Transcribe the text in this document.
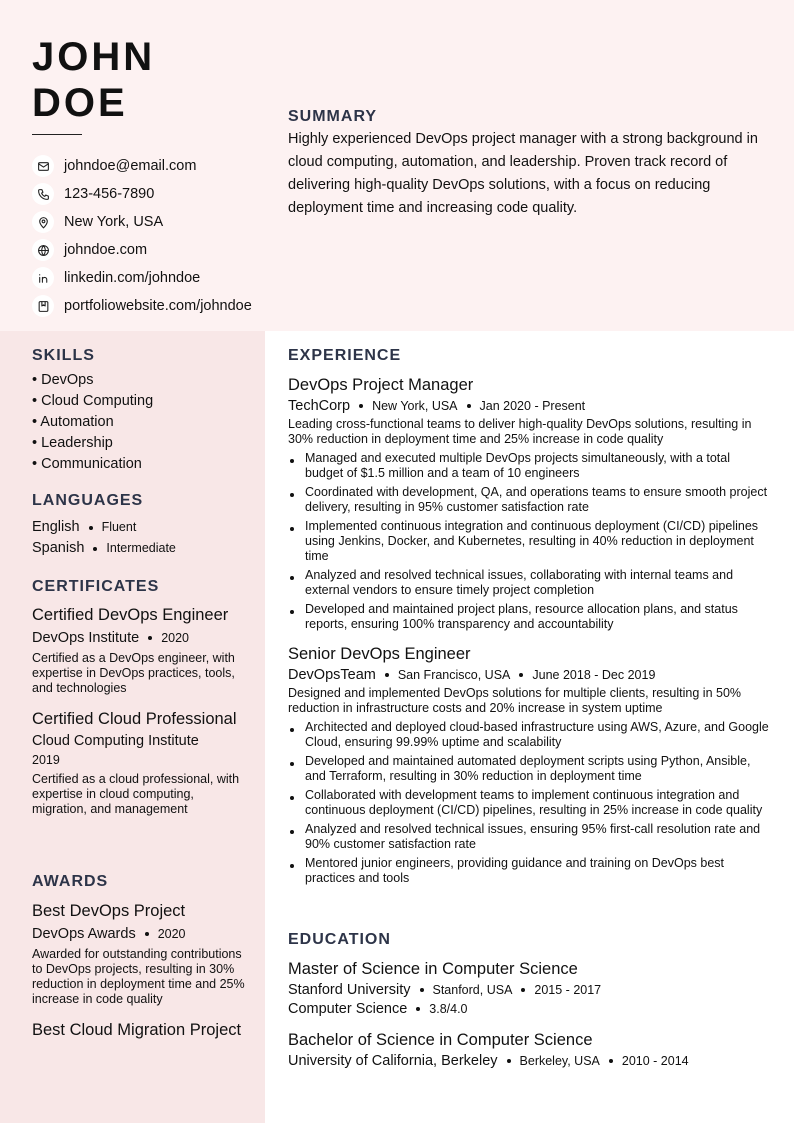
JOHN
DOE
johndoe@email.com
123-456-7890
New York, USA
johndoe.com
linkedin.com/johndoe
portfoliowebsite.com/johndoe
SUMMARY

Highly experienced DevOps project manager with a strong background in cloud computing, automation, and leadership. Proven track record of delivering high-quality DevOps solutions, with a focus on reducing deployment time and increasing code quality.

SKILLS
• DevOps
• Cloud Computing
• Automation
• Leadership
• Communication
LANGUAGES
English Fluent
Spanish Intermediate
CERTIFICATES
Certified DevOps Engineer
DevOps Institute 2020
Certified as a DevOps engineer, with expertise in DevOps practices, tools, and technologies
Certified Cloud Professional
Cloud Computing Institute
2019
Certified as a cloud professional, with expertise in cloud computing, migration, and management
AWARDS
Best DevOps Project
DevOps Awards 2020
Awarded for outstanding contributions to DevOps projects, resulting in 30% reduction in deployment time and 25% increase in code quality
Best Cloud Migration Project
EXPERIENCE
DevOps Project Manager
TechCorp New York, USA Jan 2020 - Present
Leading cross-functional teams to deliver high-quality DevOps solutions, resulting in 30% reduction in deployment time and 25% increase in code quality
Managed and executed multiple DevOps projects simultaneously, with a total budget of $1.5 million and a team of 10 engineers
Coordinated with development, QA, and operations teams to ensure smooth project delivery, resulting in 95% customer satisfaction rate
Implemented continuous integration and continuous deployment (CI/CD) pipelines using Jenkins, Docker, and Kubernetes, resulting in 40% reduction in deployment time
Analyzed and resolved technical issues, collaborating with internal teams and external vendors to ensure timely project completion
Developed and maintained project plans, resource allocation plans, and status reports, ensuring 100% transparency and accountability
Senior DevOps Engineer
DevOpsTeam San Francisco, USA June 2018 - Dec 2019
Designed and implemented DevOps solutions for multiple clients, resulting in 50% reduction in infrastructure costs and 20% increase in system uptime
Architected and deployed cloud-based infrastructure using AWS, Azure, and Google Cloud, ensuring 99.99% uptime and scalability
Developed and maintained automated deployment scripts using Python, Ansible, and Terraform, resulting in 30% reduction in deployment time
Collaborated with development teams to implement continuous integration and continuous deployment (CI/CD) pipelines, resulting in 25% increase in code quality
Analyzed and resolved technical issues, ensuring 95% first-call resolution rate and 90% customer satisfaction rate
Mentored junior engineers, providing guidance and training on DevOps best practices and tools
EDUCATION
Master of Science in Computer Science
Stanford University Stanford, USA 2015 - 2017
Computer Science 3.8/4.0
Bachelor of Science in Computer Science
University of California, Berkeley Berkeley, USA 2010 - 2014
